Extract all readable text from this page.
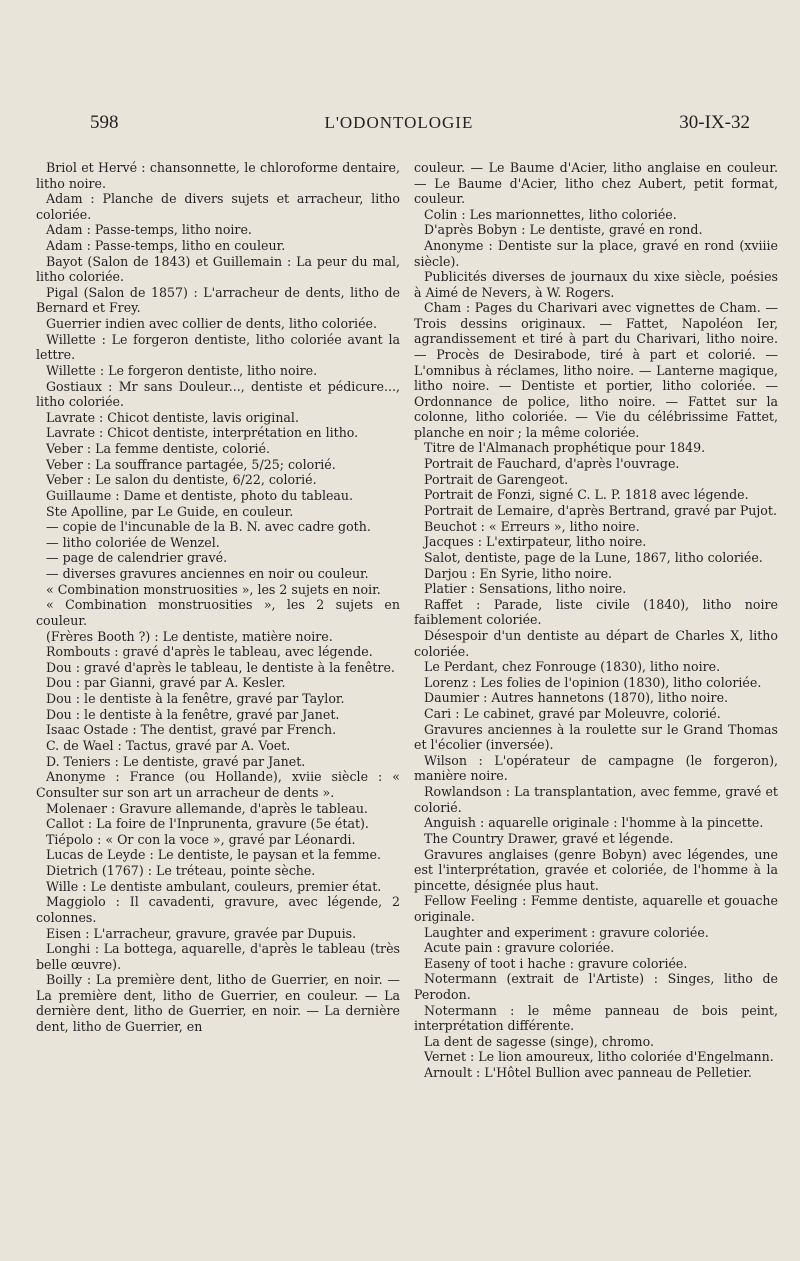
598	L'ODONTOLOGIE	30-IX-32

Briol et Hervé : chansonnette, le chloroforme dentaire, litho noire.

Adam : Planche de divers sujets et arracheur, litho coloriée.

Adam : Passe-temps, litho noire.

Adam : Passe-temps, litho en couleur.

Bayot (Salon de 1843) et Guillemain : La peur du mal, litho coloriée.

Pigal (Salon de 1857) : L'arracheur de dents, litho de Bernard et Frey.

Guerrier indien avec collier de dents, litho coloriée.

Willette : Le forgeron dentiste, litho coloriée avant la lettre.

Willette : Le forgeron dentiste, litho noire.

Gostiaux : Mr sans Douleur..., dentiste et pédicure..., litho coloriée.

Lavrate : Chicot dentiste, lavis original.

Lavrate : Chicot dentiste, interprétation en litho.

Veber : La femme dentiste, colorié.

Veber : La souffrance partagée, 5/25; colorié.

Veber : Le salon du dentiste, 6/22, colorié.

Guillaume : Dame et dentiste, photo du tableau.

Ste Apolline, par Le Guide, en couleur.

— copie de l'incunable de la B. N. avec cadre goth.

— litho coloriée de Wenzel.

— page de calendrier gravé.

— diverses gravures anciennes en noir ou couleur.

« Combination monstruosities », les 2 sujets en noir.

« Combination monstruosities », les 2 sujets en couleur.

(Frères Booth ?) : Le dentiste, matière noire.

Rombouts : gravé d'après le tableau, avec légende.

Dou : gravé d'après le tableau, le dentiste à la fenêtre.

Dou : par Gianni, gravé par A. Kesler.

Dou : le dentiste à la fenêtre, gravé par Taylor.

Dou : le dentiste à la fenêtre, gravé par Janet.

Isaac Ostade : The dentist, gravé par French.

C. de Wael : Tactus, gravé par A. Voet.

D. Teniers : Le dentiste, gravé par Janet.

Anonyme : France (ou Hollande), xviie siècle : « Consulter sur son art un arracheur de dents ».

Molenaer : Gravure allemande, d'après le tableau.

Callot : La foire de l'Inprunenta, gravure (5e état).

Tiépolo : « Or con la voce », gravé par Léonardi.

Lucas de Leyde : Le dentiste, le paysan et la femme.

Dietrich (1767) : Le tréteau, pointe sèche.

Wille : Le dentiste ambulant, couleurs, premier état.

Maggiolo : Il cavadenti, gravure, avec légende, 2 colonnes.

Eisen : L'arracheur, gravure, gravée par Dupuis.

Longhi : La bottega, aquarelle, d'après le tableau (très belle œuvre).

Boilly : La première dent, litho de Guerrier, en noir. — La première dent, litho de Guerrier, en couleur. — La dernière dent, litho de Guerrier, en noir. — La dernière dent, litho de Guerrier, en

couleur. — Le Baume d'Acier, litho anglaise en couleur. — Le Baume d'Acier, litho chez Aubert, petit format, couleur.

Colin : Les marionnettes, litho coloriée.

D'après Bobyn : Le dentiste, gravé en rond.

Anonyme : Dentiste sur la place, gravé en rond (xviiie siècle).

Publicités diverses de journaux du xixe siècle, poésies à Aimé de Nevers, à W. Rogers.

Cham : Pages du Charivari avec vignettes de Cham. — Trois dessins originaux. — Fattet, Napoléon Ier, agrandissement et tiré à part du Charivari, litho noire. — Procès de Desirabode, tiré à part et colorié. — L'omnibus à réclames, litho noire. — Lanterne magique, litho noire. — Dentiste et portier, litho coloriée. — Ordonnance de police, litho noire. — Fattet sur la colonne, litho coloriée. — Vie du célébrissime Fattet, planche en noir ; la même coloriée.

Titre de l'Almanach prophétique pour 1849.

Portrait de Fauchard, d'après l'ouvrage.

Portrait de Garengeot.

Portrait de Fonzi, signé C. L. P. 1818 avec légende.

Portrait de Lemaire, d'après Bertrand, gravé par Pujot.

Beuchot : « Erreurs », litho noire.

Jacques : L'extirpateur, litho noire.

Salot, dentiste, page de la Lune, 1867, litho coloriée.

Darjou : En Syrie, litho noire.

Platier : Sensations, litho noire.

Raffet : Parade, liste civile (1840), litho noire faiblement coloriée.

Désespoir d'un dentiste au départ de Charles X, litho coloriée.

Le Perdant, chez Fonrouge (1830), litho noire.

Lorenz : Les folies de l'opinion (1830), litho coloriée.

Daumier : Autres hannetons (1870), litho noire.

Cari : Le cabinet, gravé par Moleuvre, colorié.

Gravures anciennes à la roulette sur le Grand Thomas et l'écolier (inversée).

Wilson : L'opérateur de campagne (le forgeron), manière noire.

Rowlandson : La transplantation, avec femme, gravé et colorié.

Anguish : aquarelle originale : l'homme à la pincette.

The Country Drawer, gravé et légende.

Gravures anglaises (genre Bobyn) avec légendes, une est l'interprétation, gravée et coloriée, de l'homme à la pincette, désignée plus haut.

Fellow Feeling : Femme dentiste, aquarelle et gouache originale.

Laughter and experiment : gravure coloriée.

Acute pain : gravure coloriée.

Easeny of toot i hache : gravure coloriée.

Notermann (extrait de l'Artiste) : Singes, litho de Perodon.

Notermann : le même panneau de bois peint, interprétation différente.

La dent de sagesse (singe), chromo.

Vernet : Le lion amoureux, litho coloriée d'Engelmann.

Arnoult : L'Hôtel Bullion avec panneau de Pelletier.
